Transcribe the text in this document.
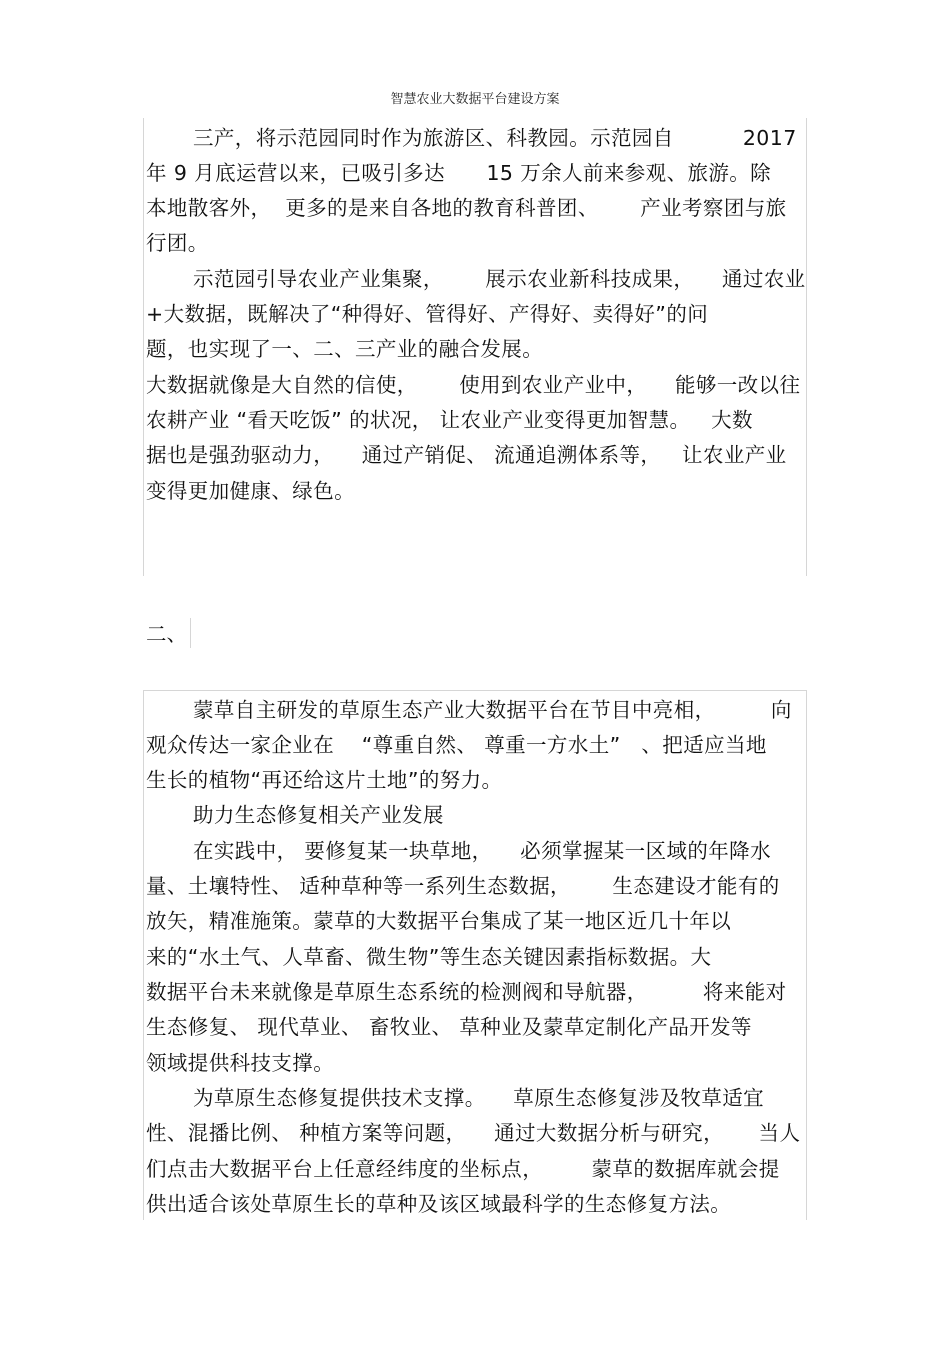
智慧农业大数据平台建设方案
三产，将示范园同时作为旅游区、科教园。示范园自          2017
年 9 月底运营以来，已吸引多达      15 万余人前来参观、旅游。除
本地散客外，  更多的是来自各地的教育科普团、      产业考察团与旅
行团。
示范园引导农业产业集聚，      展示农业新科技成果，    通过农业
+大数据，既解决了“种得好、管得好、产得好、卖得好”的问
题，也实现了一、二、三产业的融合发展。
大数据就像是大自然的信使，      使用到农业产业中，    能够一改以往
农耕产业 “看天吃饭” 的状况， 让农业产业变得更加智慧。   大数
据也是强劲驱动力，    通过产销促、 流通追溯体系等，   让农业产业
变得更加健康、绿色。
二、
蒙草自主研发的草原生态产业大数据平台在节目中亮相，        向
观众传达一家企业在    “尊重自然、 尊重一方水土”   、把适应当地
生长的植物“再还给这片土地”的努力。
助力生态修复相关产业发展
在实践中， 要修复某一块草地，    必须掌握某一区域的年降水
量、土壤特性、 适种草种等一系列生态数据，      生态建设才能有的
放矢，精准施策。蒙草的大数据平台集成了某一地区近几十年以
来的“水土气、人草畜、微生物”等生态关键因素指标数据。大
数据平台未来就像是草原生态系统的检测阀和导航器，        将来能对
生态修复、 现代草业、 畜牧业、 草种业及蒙草定制化产品开发等
领域提供科技支撑。
为草原生态修复提供技术支撑。    草原生态修复涉及牧草适宜
性、混播比例、 种植方案等问题，    通过大数据分析与研究，     当人
们点击大数据平台上任意经纬度的坐标点，       蒙草的数据库就会提
供出适合该处草原生长的草种及该区域最科学的生态修复方法。
